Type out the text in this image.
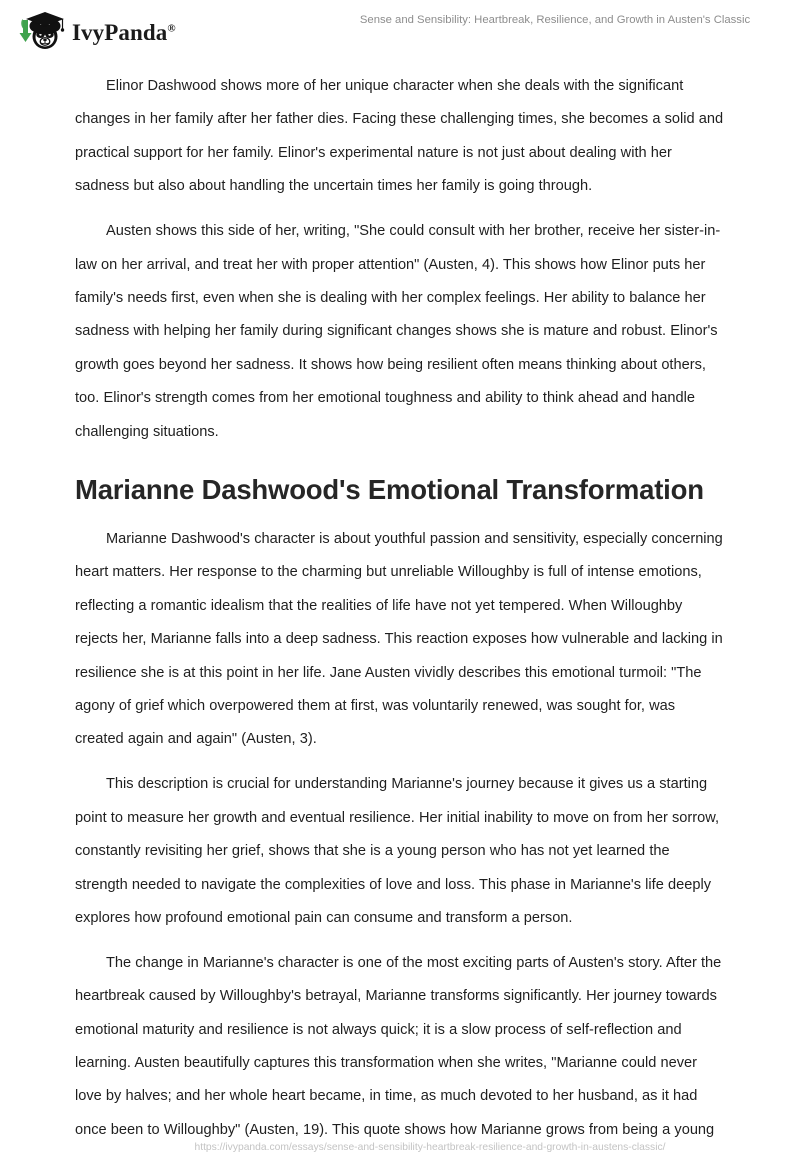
IvyPanda®
Sense and Sensibility: Heartbreak, Resilience, and Growth in Austen's Classic

Elinor Dashwood shows more of her unique character when she deals with the significant changes in her family after her father dies. Facing these challenging times, she becomes a solid and practical support for her family. Elinor's experimental nature is not just about dealing with her sadness but also about handling the uncertain times her family is going through.

Austen shows this side of her, writing, "She could consult with her brother, receive her sister-in-law on her arrival, and treat her with proper attention" (Austen, 4). This shows how Elinor puts her family's needs first, even when she is dealing with her complex feelings. Her ability to balance her sadness with helping her family during significant changes shows she is mature and robust. Elinor's growth goes beyond her sadness. It shows how being resilient often means thinking about others, too. Elinor's strength comes from her emotional toughness and ability to think ahead and handle challenging situations.

Marianne Dashwood's Emotional Transformation

Marianne Dashwood's character is about youthful passion and sensitivity, especially concerning heart matters. Her response to the charming but unreliable Willoughby is full of intense emotions, reflecting a romantic idealism that the realities of life have not yet tempered. When Willoughby rejects her, Marianne falls into a deep sadness. This reaction exposes how vulnerable and lacking in resilience she is at this point in her life. Jane Austen vividly describes this emotional turmoil: "The agony of grief which overpowered them at first, was voluntarily renewed, was sought for, was created again and again" (Austen, 3).

This description is crucial for understanding Marianne's journey because it gives us a starting point to measure her growth and eventual resilience. Her initial inability to move on from her sorrow, constantly revisiting her grief, shows that she is a young person who has not yet learned the strength needed to navigate the complexities of love and loss. This phase in Marianne's life deeply explores how profound emotional pain can consume and transform a person.

The change in Marianne's character is one of the most exciting parts of Austen's story. After the heartbreak caused by Willoughby's betrayal, Marianne transforms significantly. Her journey towards emotional maturity and resilience is not always quick; it is a slow process of self-reflection and learning. Austen beautifully captures this transformation when she writes, "Marianne could never love by halves; and her whole heart became, in time, as much devoted to her husband, as it had once been to Willoughby" (Austen, 19). This quote shows how Marianne grows from being a young

https://ivypanda.com/essays/sense-and-sensibility-heartbreak-resilience-and-growth-in-austens-classic/
